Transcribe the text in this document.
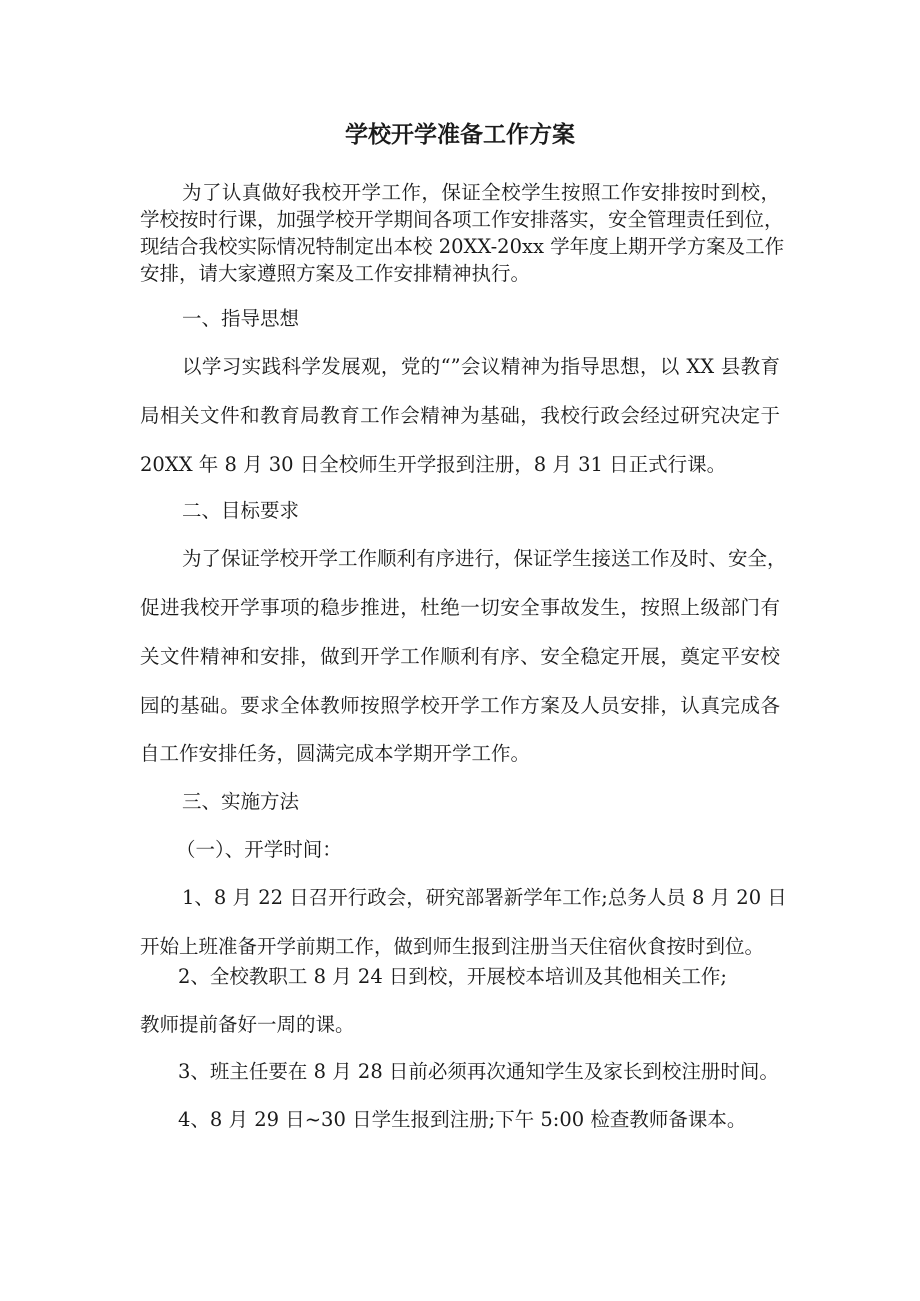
学校开学准备工作方案

为了认真做好我校开学工作，保证全校学生按照工作安排按时到校，

学校按时行课，加强学校开学期间各项工作安排落实，安全管理责任到位，

现结合我校实际情况特制定出本校 20XX-20xx 学年度上期开学方案及工作

安排，请大家遵照方案及工作安排精神执行。

一、指导思想

以学习实践科学发展观，党的“”会议精神为指导思想，以 XX 县教育

局相关文件和教育局教育工作会精神为基础，我校行政会经过研究决定于

20XX 年 8 月 30 日全校师生开学报到注册，8 月 31 日正式行课。

二、目标要求

为了保证学校开学工作顺利有序进行，保证学生接送工作及时、安全，

促进我校开学事项的稳步推进，杜绝一切安全事故发生，按照上级部门有

关文件精神和安排，做到开学工作顺利有序、安全稳定开展，奠定平安校

园的基础。要求全体教师按照学校开学工作方案及人员安排，认真完成各

自工作安排任务，圆满完成本学期开学工作。

三、实施方法

（一）、开学时间：

1、8 月 22 日召开行政会，研究部署新学年工作;总务人员 8 月 20 日

开始上班准备开学前期工作，做到师生报到注册当天住宿伙食按时到位。

2、全校教职工 8 月 24 日到校，开展校本培训及其他相关工作;

教师提前备好一周的课。

3、班主任要在 8 月 28 日前必须再次通知学生及家长到校注册时间。

4、8 月 29 日~30 日学生报到注册;下午 5:00 检查教师备课本。
